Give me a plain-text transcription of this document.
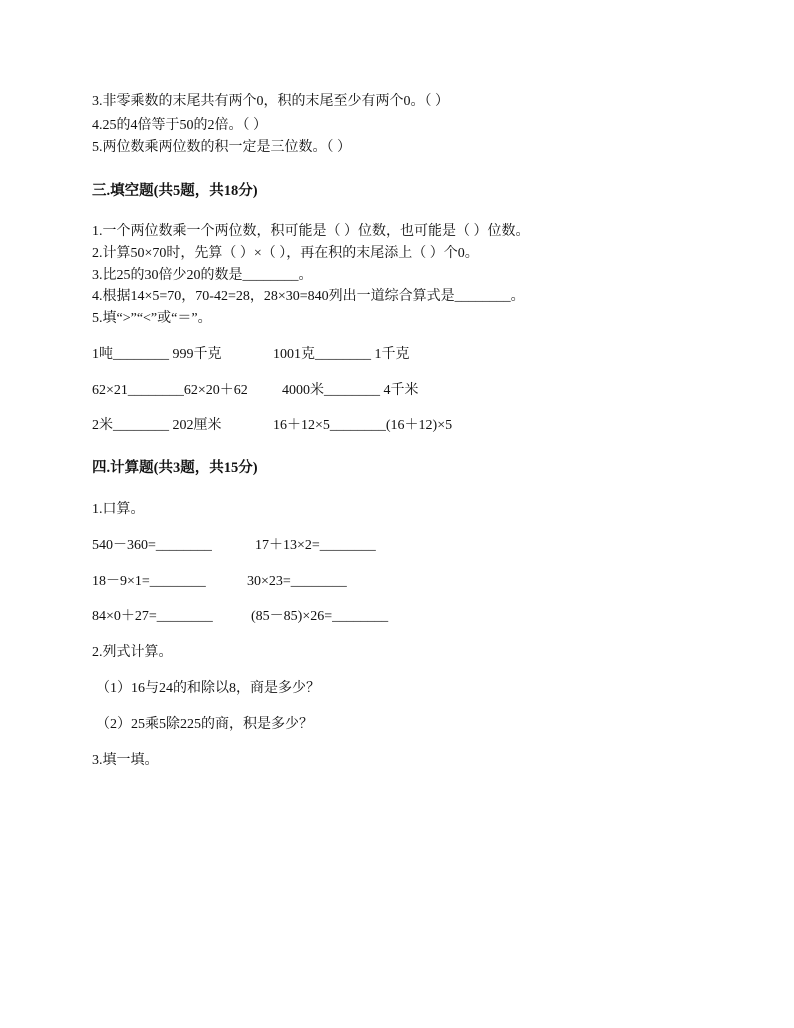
3.非零乘数的末尾共有两个0，积的末尾至少有两个0。（ ）
4.25的4倍等于50的2倍。（ ）
5.两位数乘两位数的积一定是三位数。（ ）
三.填空题(共5题，共18分)
1.一个两位数乘一个两位数，积可能是（ ）位数，也可能是（ ）位数。
2.计算50×70时，先算（ ）×（ ），再在积的末尾添上（ ）个0。
3.比25的30倍少20的数是________。
4.根据14×5=70，70-42=28，28×30=840列出一道综合算式是________。
5.填“>”“<”或“＝”。
1吨________ 999千克	1001克________ 1千克
62×21________62×20＋62 4000米________ 4千米
2米________ 202厘米	16＋12×5________(16＋12)×5
四.计算题(共3题，共15分)
1.口算。
540－360=________	17＋13×2=________
18－9×1=________	30×23=________
84×0＋27=________	(85－85)×26=________
2.列式计算。
（1）16与24的和除以8，商是多少？
（2）25乘5除225的商，积是多少？
3.填一填。
